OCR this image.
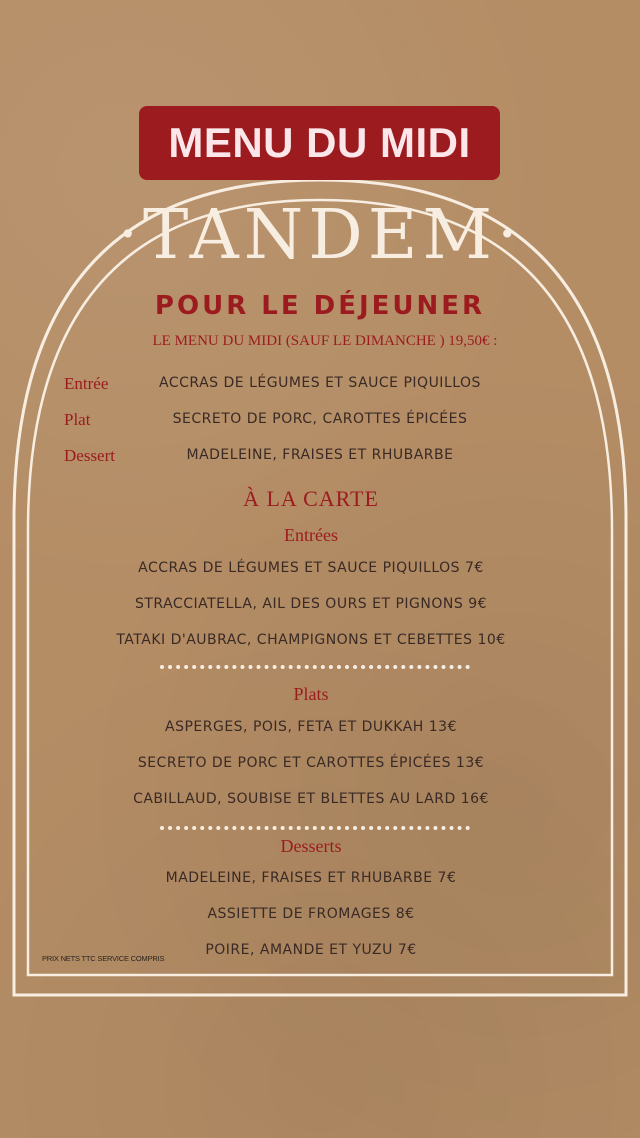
MENU DU MIDI
•TANDEM•
POUR LE DÉJEUNER
LE MENU DU MIDI (SAUF LE DIMANCHE ) 19,50€ :
Entrée	ACCRAS DE LÉGUMES ET SAUCE PIQUILLOS
Plat	SECRETO DE PORC, CAROTTES ÉPICÉES
Dessert	MADELEINE, FRAISES ET RHUBARBE
À LA CARTE
Entrées
ACCRAS DE LÉGUMES ET SAUCE PIQUILLOS 7€
STRACCIATELLA, AIL DES OURS ET PIGNONS 9€
TATAKI D'AUBRAC, CHAMPIGNONS ET CEBETTES 10€
Plats
ASPERGES, POIS, FETA ET DUKKAH 13€
SECRETO DE PORC ET CAROTTES ÉPICÉES 13€
CABILLAUD, SOUBISE ET BLETTES AU LARD 16€
Desserts
MADELEINE, FRAISES ET RHUBARBE 7€
ASSIETTE DE FROMAGES 8€
POIRE, AMANDE ET YUZU 7€
PRIX NETS TTC SERVICE COMPRIS
